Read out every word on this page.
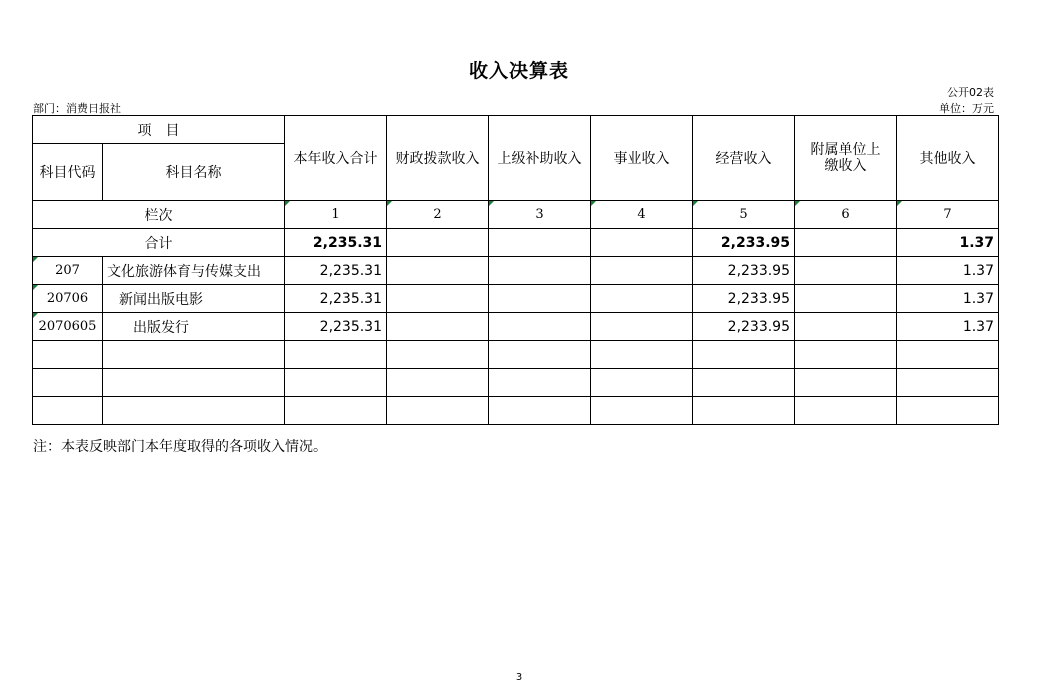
收入决算表
公开02表
部门：消费日报社	单位：万元
项　目		本年收入合计	财政拨款收入	上级补助收入	事业收入	经营收入	附属单位上缴收入	其他收入
科目代码	科目名称							
栏次		1	2	3	4	5	6	7
合计		2,235.31				2,233.95		1.37
207	文化旅游体育与传媒支出	2,235.31				2,233.95		1.37
20706	新闻出版电影	2,235.31				2,233.95		1.37
2070605	出版发行	2,235.31				2,233.95		1.37

注：本表反映部门本年度取得的各项收入情况。
3
